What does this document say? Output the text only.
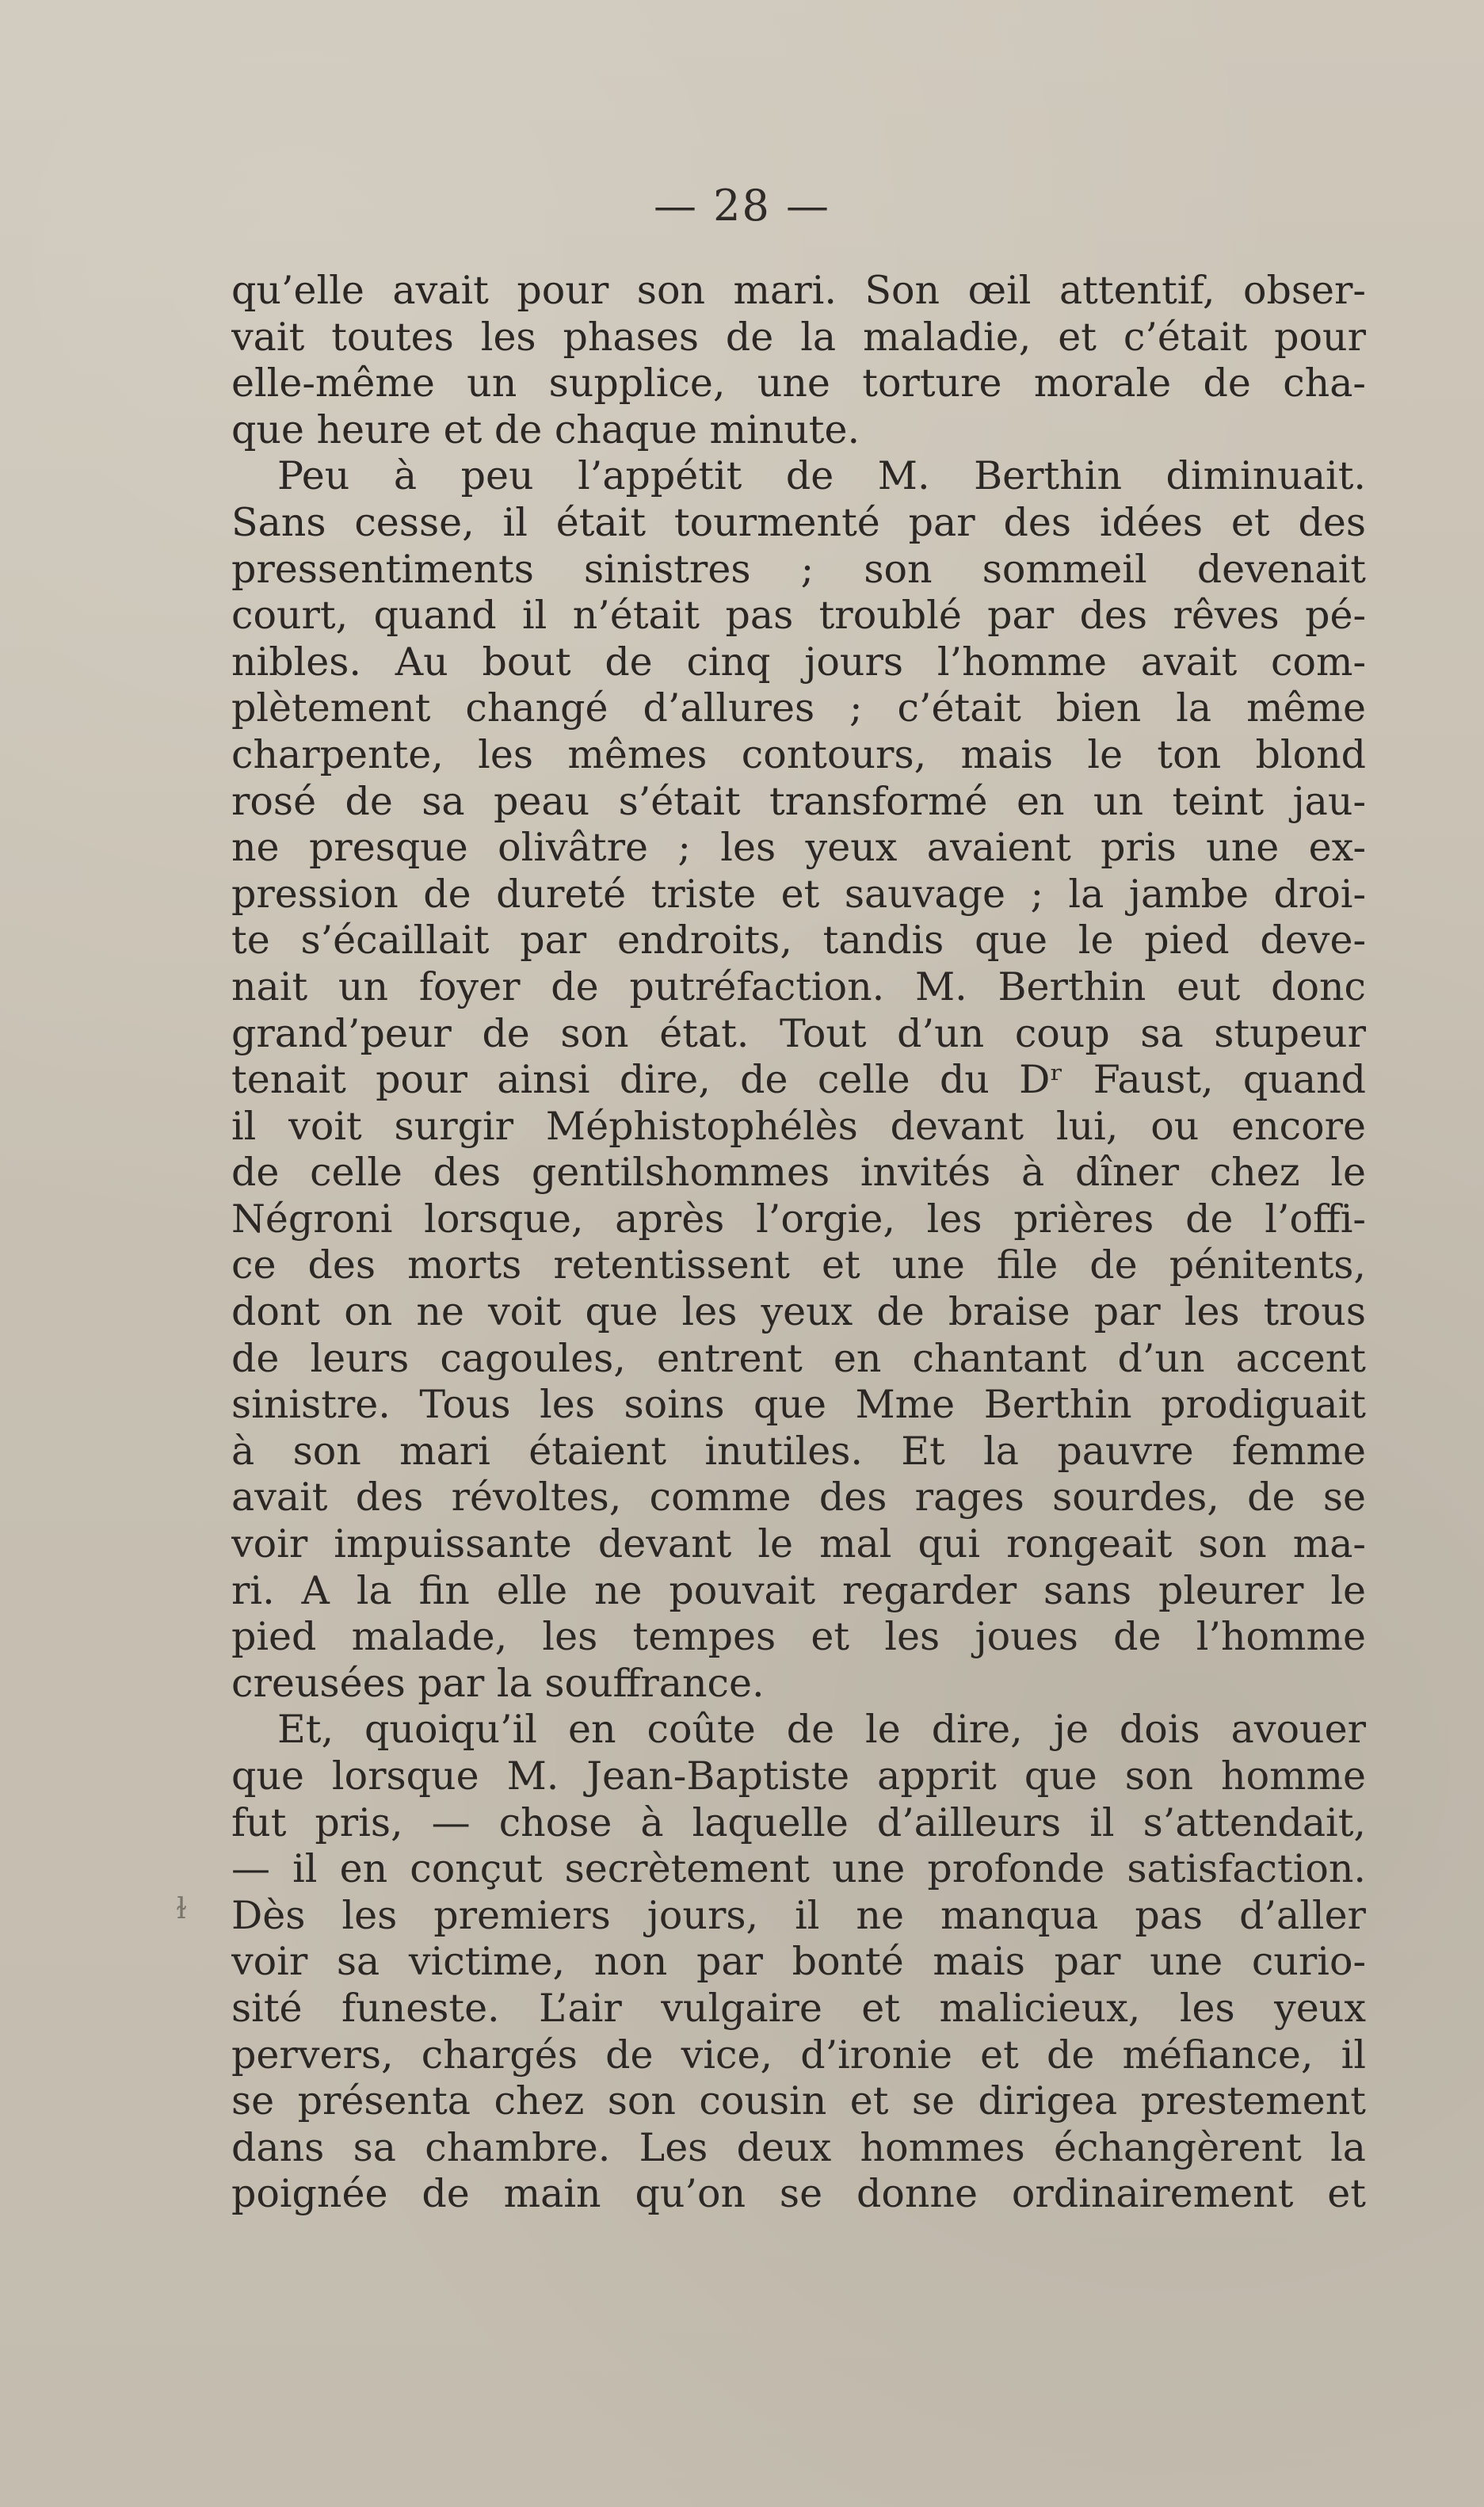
— 28 —
ɫ

qu’elle avait pour son mari. Son œil attentif, obser-
vait toutes les phases de la maladie, et c’était pour
elle-même un supplice, une torture morale de cha-
que heure et de chaque minute.

Peu à peu l’appétit de M. Berthin diminuait.
Sans cesse, il était tourmenté par des idées et des
pressentiments sinistres ; son sommeil devenait
court, quand il n’était pas troublé par des rêves pé-
nibles. Au bout de cinq jours l’homme avait com-
plètement changé d’allures ; c’était bien la même
charpente, les mêmes contours, mais le ton blond
rosé de sa peau s’était transformé en un teint jau-
ne presque olivâtre ; les yeux avaient pris une ex-
pression de dureté triste et sauvage ; la jambe droi-
te s’écaillait par endroits, tandis que le pied deve-
nait un foyer de putréfaction. M. Berthin eut donc
grand’peur de son état. Tout d’un coup sa stupeur
tenait pour ainsi dire, de celle du Dʳ Faust, quand
il voit surgir Méphistophélès devant lui, ou encore
de celle des gentilshommes invités à dîner chez le
Négroni lorsque, après l’orgie, les prières de l’offi-
ce des morts retentissent et une file de pénitents,
dont on ne voit que les yeux de braise par les trous
de leurs cagoules, entrent en chantant d’un accent
sinistre. Tous les soins que Mme Berthin prodiguait
à son mari étaient inutiles. Et la pauvre femme
avait des révoltes, comme des rages sourdes, de se
voir impuissante devant le mal qui rongeait son ma-
ri. A la fin elle ne pouvait regarder sans pleurer le
pied malade, les tempes et les joues de l’homme
creusées par la souffrance.

Et, quoiqu’il en coûte de le dire, je dois avouer
que lorsque M. Jean-Baptiste apprit que son homme
fut pris, — chose à laquelle d’ailleurs il s’attendait,
— il en conçut secrètement une profonde satisfaction.
Dès les premiers jours, il ne manqua pas d’aller
voir sa victime, non par bonté mais par une curio-
sité funeste. L’air vulgaire et malicieux, les yeux
pervers, chargés de vice, d’ironie et de méfiance, il
se présenta chez son cousin et se dirigea prestement
dans sa chambre. Les deux hommes échangèrent la
poignée de main qu’on se donne ordinairement et
